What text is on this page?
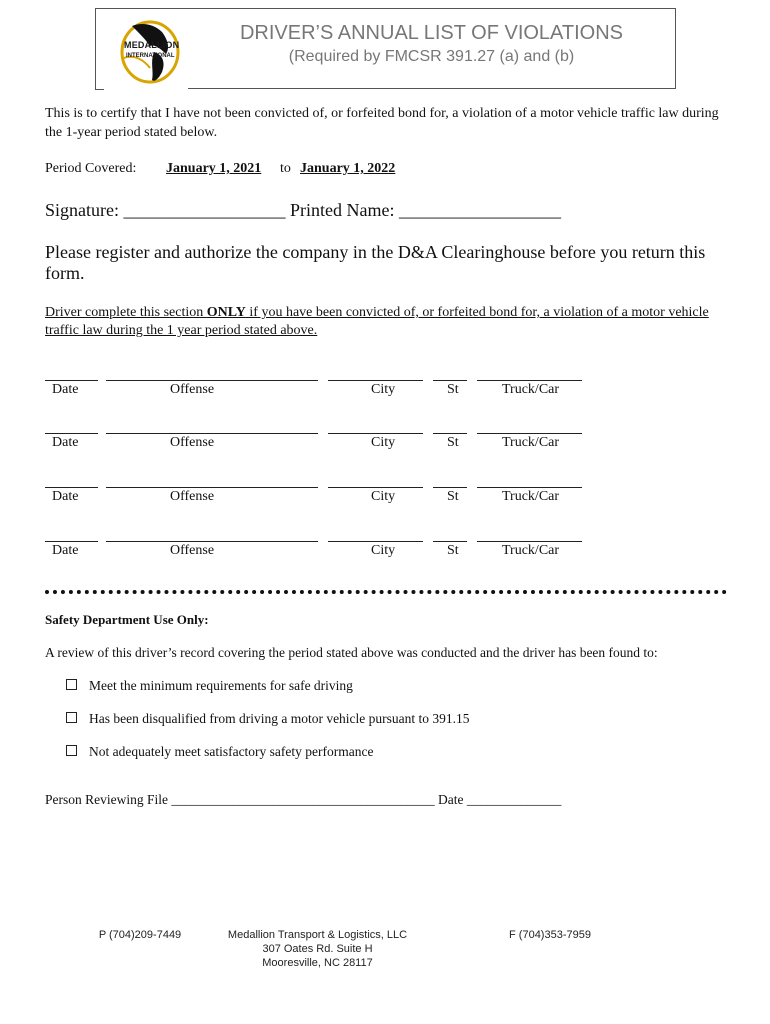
MEDALLION
INTERNATIONAL
DRIVER’S ANNUAL LIST OF VIOLATIONS
(Required by FMCSR 391.27 (a) and (b)
This is to certify that I have not been convicted of, or forfeited bond for, a violation of a motor vehicle traffic law during the 1-year period stated below.
Period Covered: January 1, 2021 to January 1, 2022
Signature: __________________ Printed Name: __________________
Please register and authorize the company in the D&A Clearinghouse before you return this form.
Driver complete this section ONLY if you have been convicted of, or forfeited bond for, a violation of a motor vehicle traffic law during the 1 year period stated above.
Date	Offense	City	St	Truck/Car
Date	Offense	City	St	Truck/Car
Date	Offense	City	St	Truck/Car
Date	Offense	City	St	Truck/Car
Safety Department Use Only:
A review of this driver’s record covering the period stated above was conducted and the driver has been found to:
Meet the minimum requirements for safe driving
Has been disqualified from driving a motor vehicle pursuant to 391.15
Not adequately meet satisfactory safety performance
Person Reviewing File _______________________________________ Date ______________
P (704)209-7449	Medallion Transport & Logistics, LLC
307 Oates Rd. Suite H
Mooresville, NC 28117
F (704)353-7959
